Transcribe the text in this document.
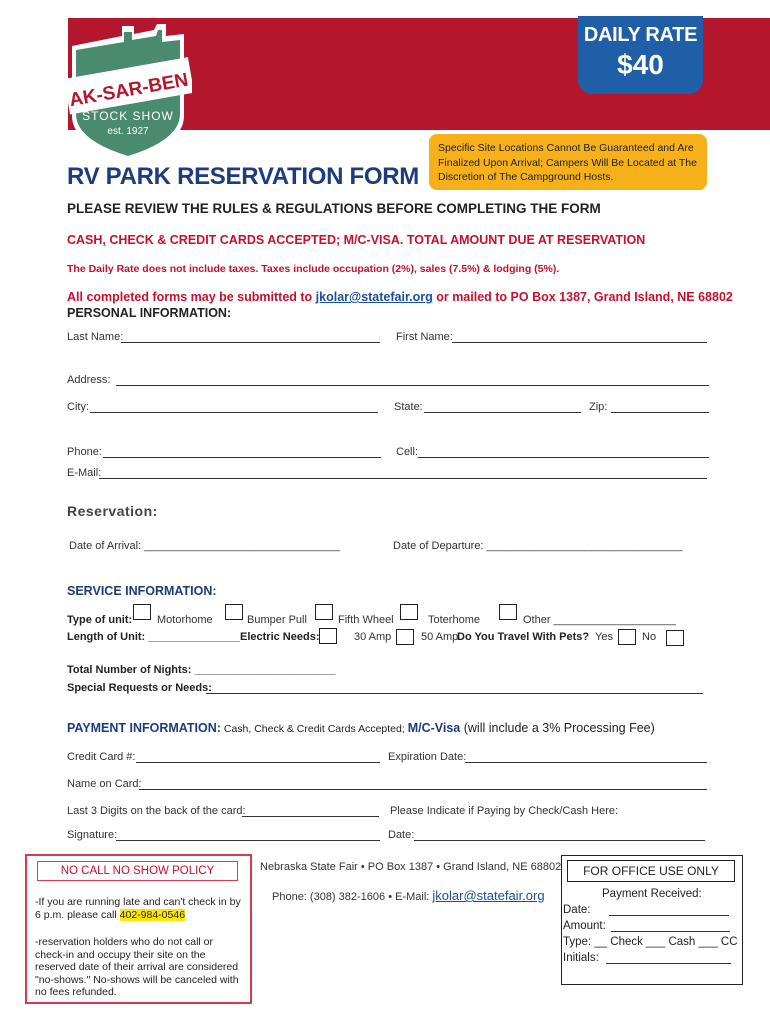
DAILY RATE
$40
AK-SAR-BEN
STOCK SHOW
est. 1927
RV PARK RESERVATION FORM
Specific Site Locations Cannot Be Guaranteed and Are Finalized Upon Arrival; Campers Will Be Located at The Discretion of The Campground Hosts.
PLEASE REVIEW THE RULES & REGULATIONS BEFORE COMPLETING THE FORM
CASH, CHECK & CREDIT CARDS ACCEPTED; M/C-VISA. TOTAL AMOUNT DUE AT RESERVATION
The Daily Rate does not include taxes. Taxes include occupation (2%), sales (7.5%) & lodging (5%).
All completed forms may be submitted to jkolar@statefair.org or mailed to PO Box 1387, Grand Island, NE 68802
PERSONAL INFORMATION:
Last Name:	First Name:
Address:
City:	State:	Zip:
Phone:	Cell:
E-Mail:
Reservation:
Date of Arrival: ________________________________	Date of Departure: ________________________________
SERVICE INFORMATION:
Type of unit: Motorhome	Bumper Pull	Fifth Wheel	Toterhome	Other ____________________
Length of Unit: _______________ Electric Needs:	30 Amp	50 Amp
Do You Travel With Pets? Yes	No
Total Number of Nights: _______________________
Special Requests or Needs:
PAYMENT INFORMATION: Cash, Check & Credit Cards Accepted; M/C-Visa (will include a 3% Processing Fee)
Credit Card #:	Expiration Date:
Name on Card:
Last 3 Digits on the back of the card:	Please Indicate if Paying by Check/Cash Here:
Signature:	Date:
NO CALL NO SHOW POLICY
-If you are running late and can't check in by 6 p.m. please call 402-984-0546
-reservation holders who do not call or check-in and occupy their site on the reserved date of their arrival are considered "no-shows." No-shows will be canceled with no fees refunded.
Nebraska State Fair • PO Box 1387 • Grand Island, NE 68802
Phone: (308) 382-1606 • E-Mail: jkolar@statefair.org
FOR OFFICE USE ONLY
Payment Received:
Date:
Amount:
Type: __ Check ___ Cash ___ CC
Initials:
